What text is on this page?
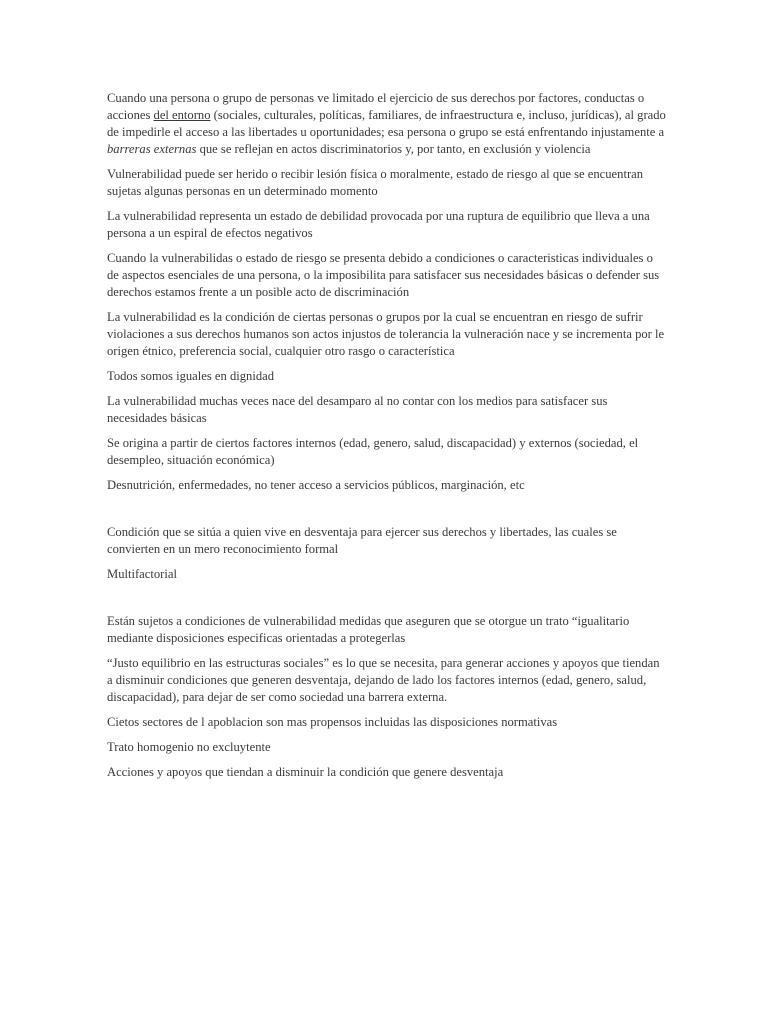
Cuando una persona o grupo de personas ve limitado el ejercicio de sus derechos por factores, conductas o acciones del entorno (sociales, culturales, políticas, familiares, de infraestructura e, incluso, jurídicas), al grado de impedirle el acceso a las libertades u oportunidades; esa persona o grupo se está enfrentando injustamente a barreras externas que se reflejan en actos discriminatorios y, por tanto, en exclusión y violencia

Vulnerabilidad puede ser herido o recibir lesión física o moralmente, estado de riesgo al que se encuentran sujetas algunas personas en un determinado momento

La vulnerabilidad representa un estado de debilidad provocada por una ruptura de equilibrio que lleva a una persona a un espiral de efectos negativos

Cuando la vulnerabilidas o estado de riesgo se presenta debido a condiciones o caracteristicas individuales o de aspectos esenciales de una persona, o la imposibilita para satisfacer sus necesidades básicas o defender sus derechos estamos frente a un posible acto de discriminación

La vulnerabilidad es la condición de ciertas personas o grupos por la cual se encuentran en riesgo de sufrir violaciones a sus derechos humanos son actos injustos de tolerancia la vulneración nace y se incrementa por le origen étnico, preferencia social, cualquier otro rasgo o característica

Todos somos iguales en dignidad

La vulnerabilidad muchas veces nace del desamparo al no contar con los medios para satisfacer sus necesidades básicas

Se origina a partir de ciertos factores internos (edad, genero, salud, discapacidad) y externos (sociedad, el desempleo, situación económica)

Desnutrición, enfermedades, no tener acceso a servicios públicos, marginación, etc

Condición que se sitúa a quien vive en desventaja para ejercer sus derechos y libertades, las cuales se convierten en un mero reconocimiento formal

Multifactorial

Están sujetos a condiciones de vulnerabilidad medidas que aseguren que se otorgue un trato “igualitario mediante disposiciones especificas orientadas a protegerlas

“Justo equilibrio en las estructuras sociales” es lo que se necesita, para generar acciones y apoyos que tiendan a disminuir condiciones que generen desventaja, dejando de lado los factores internos (edad, genero, salud, discapacidad), para dejar de ser como sociedad una barrera externa.

Cietos sectores de l apoblacion son mas propensos incluidas las disposiciones normativas

Trato homogenio no excluytente

Acciones y apoyos que tiendan a disminuir la condición que genere desventaja
